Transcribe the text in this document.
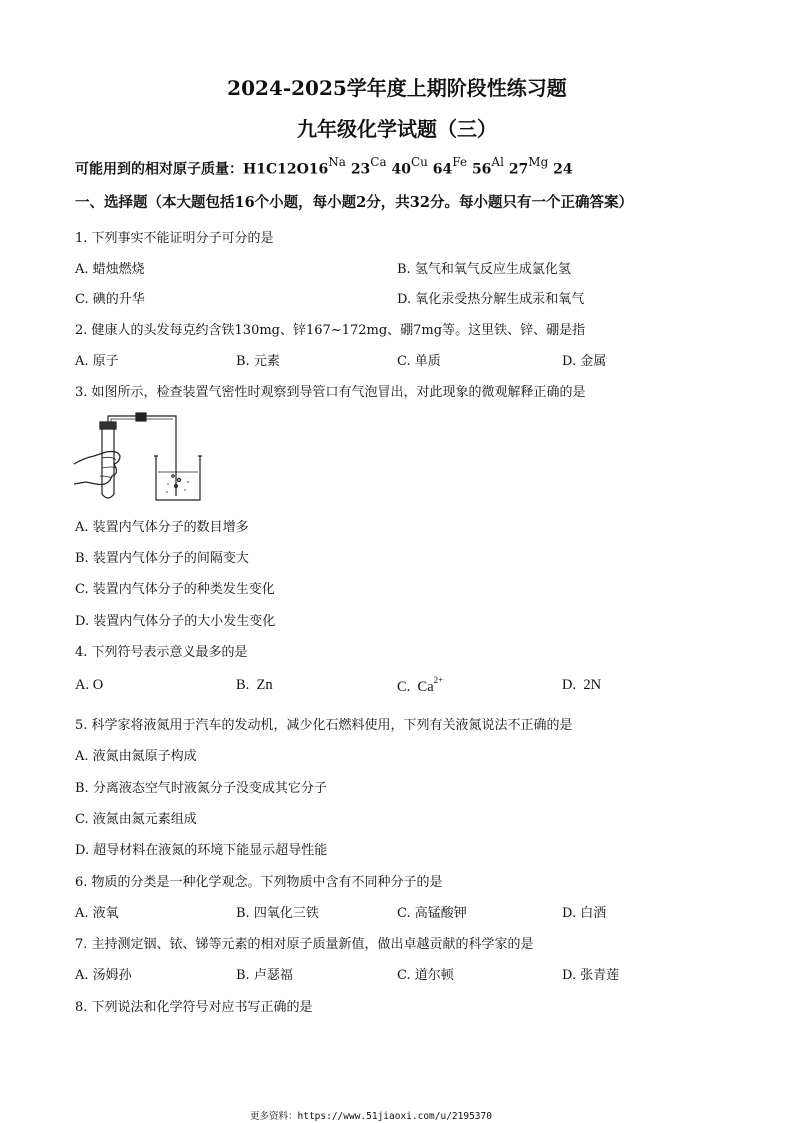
2024-2025学年度上期阶段性练习题
九年级化学试题（三）
可能用到的相对原子质量：$H1C12O16^{Na}$ $23^{Ca}$ $40^{Cu}$ $64^{Fe}$ $56^{Al}$ $27^{Mg}$ 24
一、选择题（本大题包括16个小题，每小题2分，共32分。每小题只有一个正确答案）
1. 下列事实不能证明分子可分的是
A. 蜡烛燃烧	B. 氢气和氧气反应生成氯化氢
C. 碘的升华	D. 氧化汞受热分解生成汞和氧气
2. 健康人的头发每克约含铁130mg、锌167~172mg、硼7mg等。这里铁、锌、硼是指
A. 原子	B. 元素	C. 单质	D. 金属
3. 如图所示，检查装置气密性时观察到导管口有气泡冒出，对此现象的微观解释正确的是
A. 装置内气体分子的数目增多
B. 装置内气体分子的间隔变大
C. 装置内气体分子的种类发生变化
D. 装置内气体分子的大小发生变化
4. 下列符号表示意义最多的是
A. O	B. Zn	C. $Ca^{2+}$	D. 2N
5. 科学家将液氮用于汽车的发动机，减少化石燃料使用，下列有关液氮说法不正确的是
A. 液氮由氮原子构成
B. 分离液态空气时液氮分子没变成其它分子
C. 液氮由氮元素组成
D. 超导材料在液氮的环境下能显示超导性能
6. 物质的分类是一种化学观念。下列物质中含有不同种分子的是
A. 液氧	B. 四氧化三铁	C. 高锰酸钾	D. 白酒
7. 主持测定铟、铱、锑等元素的相对原子质量新值，做出卓越贡献的科学家的是
A. 汤姆孙	B. 卢瑟福	C. 道尔顿	D. 张青莲
8. 下列说法和化学符号对应书写正确的是
更多资料：https://www.51jiaoxi.com/u/2195370
